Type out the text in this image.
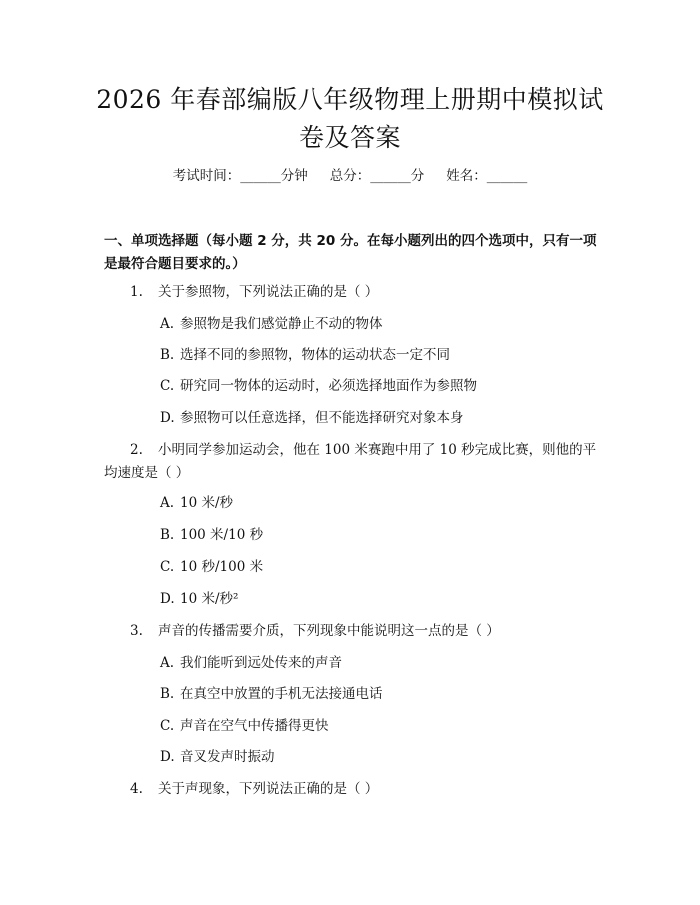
2026 年春部编版八年级物理上册期中模拟试
卷及答案
考试时间：______分钟 总分：______分 姓名：______
一、单项选择题（每小题 2 分，共 20 分。在每小题列出的四个选项中，只有一项
是最符合题目要求的。）
1. 关于参照物，下列说法正确的是（ ）
A. 参照物是我们感觉静止不动的物体
B. 选择不同的参照物，物体的运动状态一定不同
C. 研究同一物体的运动时，必须选择地面作为参照物
D. 参照物可以任意选择，但不能选择研究对象本身
2. 小明同学参加运动会，他在 100 米赛跑中用了 10 秒完成比赛，则他的平
均速度是（ ）
A. 10 米/秒
B. 100 米/10 秒
C. 10 秒/100 米
D. 10 米/秒²
3. 声音的传播需要介质，下列现象中能说明这一点的是（ ）
A. 我们能听到远处传来的声音
B. 在真空中放置的手机无法接通电话
C. 声音在空气中传播得更快
D. 音叉发声时振动
4. 关于声现象，下列说法正确的是（ ）
